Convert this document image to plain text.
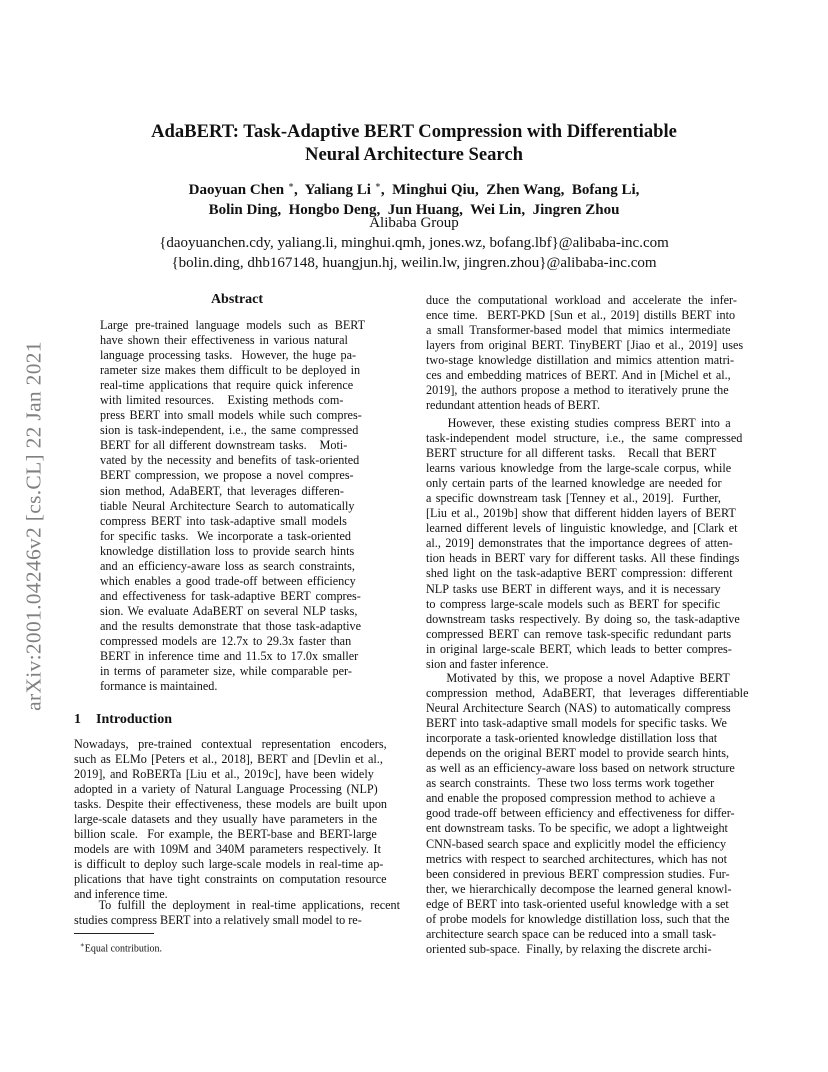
arXiv:2001.04246v2 [cs.CL] 22 Jan 2021
AdaBERT: Task-Adaptive BERT Compression with Differentiable
Neural Architecture Search
Daoyuan Chen ∗,  Yaliang Li ∗,  Minghui Qiu,  Zhen Wang,  Bofang Li,
Bolin Ding, Hongbo Deng, Jun Huang, Wei Lin, Jingren Zhou
Alibaba Group
{daoyuanchen.cdy, yaliang.li, minghui.qmh, jones.wz, bofang.lbf}@alibaba-inc.com
{bolin.ding, dhb167148, huangjun.hj, weilin.lw, jingren.zhou}@alibaba-inc.com
Abstract
Large pre-trained language models such as BERT
have shown their effectiveness in various natural
language processing tasks.  However, the huge pa-
rameter size makes them difficult to be deployed in
real-time applications that require quick inference
with limited resources.   Existing methods com-
press BERT into small models while such compres-
sion is task-independent, i.e., the same compressed
BERT for all different downstream tasks.   Moti-
vated by the necessity and benefits of task-oriented
BERT compression, we propose a novel compres-
sion method, AdaBERT, that leverages differen-
tiable Neural Architecture Search to automatically
compress BERT into task-adaptive small models
for specific tasks.  We incorporate a task-oriented
knowledge distillation loss to provide search hints
and an efficiency-aware loss as search constraints,
which enables a good trade-off between efficiency
and effectiveness for task-adaptive BERT compres-
sion. We evaluate AdaBERT on several NLP tasks,
and the results demonstrate that those task-adaptive
compressed models are 12.7x to 29.3x faster than
BERT in inference time and 11.5x to 17.0x smaller
in terms of parameter size, while comparable per-
formance is maintained.
1 Introduction
Nowadays, pre-trained contextual representation encoders,
such as ELMo [Peters et al., 2018], BERT and [Devlin et al.,
2019], and RoBERTa [Liu et al., 2019c], have been widely
adopted in a variety of Natural Language Processing (NLP)
tasks. Despite their effectiveness, these models are built upon
large-scale datasets and they usually have parameters in the
billion scale.  For example, the BERT-base and BERT-large
models are with 109M and 340M parameters respectively. It
is difficult to deploy such large-scale models in real-time ap-
plications that have tight constraints on computation resource
and inference time.
To fulfill the deployment in real-time applications, recent
studies compress BERT into a relatively small model to re-
∗Equal contribution.
duce the computational workload and accelerate the infer-
ence time.  BERT-PKD [Sun et al., 2019] distills BERT into
a small Transformer-based model that mimics intermediate
layers from original BERT. TinyBERT [Jiao et al., 2019] uses
two-stage knowledge distillation and mimics attention matri-
ces and embedding matrices of BERT. And in [Michel et al.,
2019], the authors propose a method to iteratively prune the
redundant attention heads of BERT.
However, these existing studies compress BERT into a
task-independent model structure, i.e., the same compressed
BERT structure for all different tasks.   Recall that BERT
learns various knowledge from the large-scale corpus, while
only certain parts of the learned knowledge are needed for
a specific downstream task [Tenney et al., 2019].  Further,
[Liu et al., 2019b] show that different hidden layers of BERT
learned different levels of linguistic knowledge, and [Clark et
al., 2019] demonstrates that the importance degrees of atten-
tion heads in BERT vary for different tasks. All these findings
shed light on the task-adaptive BERT compression: different
NLP tasks use BERT in different ways, and it is necessary
to compress large-scale models such as BERT for specific
downstream tasks respectively. By doing so, the task-adaptive
compressed BERT can remove task-specific redundant parts
in original large-scale BERT, which leads to better compres-
sion and faster inference.
Motivated by this, we propose a novel Adaptive BERT
compression method, AdaBERT, that leverages differentiable
Neural Architecture Search (NAS) to automatically compress
BERT into task-adaptive small models for specific tasks. We
incorporate a task-oriented knowledge distillation loss that
depends on the original BERT model to provide search hints,
as well as an efficiency-aware loss based on network structure
as search constraints.  These two loss terms work together
and enable the proposed compression method to achieve a
good trade-off between efficiency and effectiveness for differ-
ent downstream tasks. To be specific, we adopt a lightweight
CNN-based search space and explicitly model the efficiency
metrics with respect to searched architectures, which has not
been considered in previous BERT compression studies. Fur-
ther, we hierarchically decompose the learned general knowl-
edge of BERT into task-oriented useful knowledge with a set
of probe models for knowledge distillation loss, such that the
architecture search space can be reduced into a small task-
oriented sub-space.  Finally, by relaxing the discrete archi-
